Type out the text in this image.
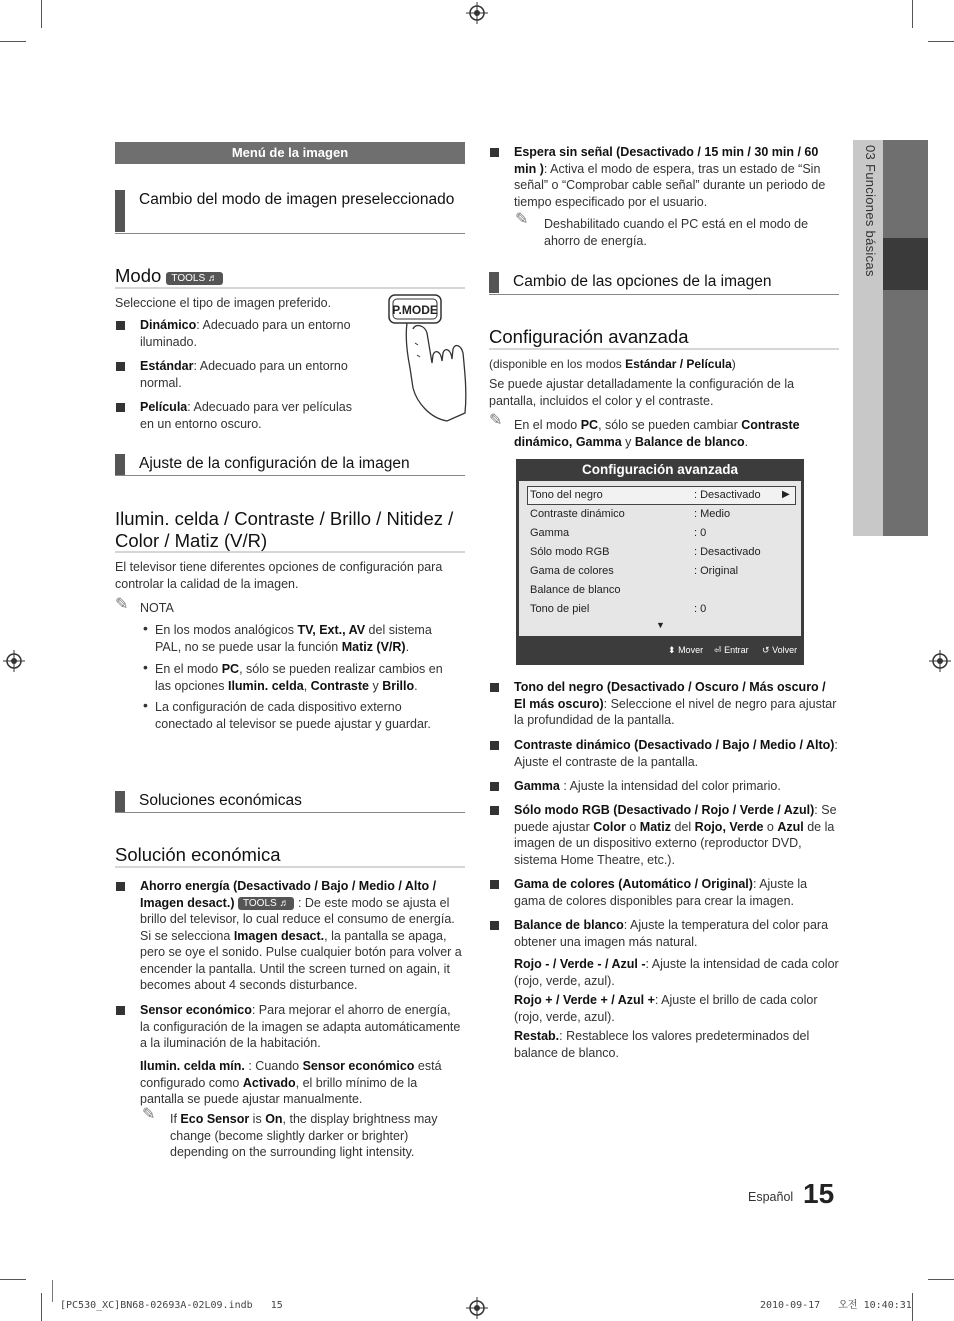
03 Funciones básicas
Menú de la imagen
Cambio del modo de imagen preseleccionado
Modo TOOLS ♬
Seleccione el tipo de imagen preferido.
Dinámico: Adecuado para un entorno iluminado.
Estándar: Adecuado para un entorno normal.
Película: Adecuado para ver películas en un entorno oscuro.
P.MODE
Ajuste de la configuración de la imagen
Ilumin. celda / Contraste / Brillo / Nitidez / Color / Matiz (V/R)
El televisor tiene diferentes opciones de configuración para controlar la calidad de la imagen.
✎ NOTA
• En los modos analógicos TV, Ext., AV del sistema PAL, no se puede usar la función Matiz (V/R).
• En el modo PC, sólo se pueden realizar cambios en las opciones Ilumin. celda, Contraste y Brillo.
• La configuración de cada dispositivo externo conectado al televisor se puede ajustar y guardar.
Soluciones económicas
Solución económica
Ahorro energía (Desactivado / Bajo / Medio / Alto / Imagen desact.) TOOLS ♬ : De este modo se ajusta el brillo del televisor, lo cual reduce el consumo de energía. Si se selecciona Imagen desact., la pantalla se apaga, pero se oye el sonido. Pulse cualquier botón para volver a encender la pantalla. Until the screen turned on again, it becomes about 4 seconds disturbance.
Sensor económico: Para mejorar el ahorro de energía, la configuración de la imagen se adapta automáticamente a la iluminación de la habitación.
Ilumin. celda mín. : Cuando Sensor económico está configurado como Activado, el brillo mínimo de la pantalla se puede ajustar manualmente.
✎ If Eco Sensor is On, the display brightness may change (become slightly darker or brighter) depending on the surrounding light intensity.
Espera sin señal (Desactivado / 15 min / 30 min / 60 min ): Activa el modo de espera, tras un estado de “Sin señal” o “Comprobar cable señal” durante un periodo de tiempo especificado por el usuario.
✎ Deshabilitado cuando el PC está en el modo de ahorro de energía.
Cambio de las opciones de la imagen
Configuración avanzada
(disponible en los modos Estándar / Película)
Se puede ajustar detalladamente la configuración de la pantalla, incluidos el color y el contraste.
✎ En el modo PC, sólo se pueden cambiar Contraste dinámico, Gamma y Balance de blanco.
Configuración avanzada
Tono del negro	: Desactivado ▶
Contraste dinámico	: Medio
Gamma	: 0
Sólo modo RGB	: Desactivado
Gama de colores	: Original
Balance de blanco
Tono de piel	: 0
▼
⬍ Mover ⏎ Entrar ↺ Volver
Tono del negro (Desactivado / Oscuro / Más oscuro / El más oscuro): Seleccione el nivel de negro para ajustar la profundidad de la pantalla.
Contraste dinámico (Desactivado / Bajo / Medio / Alto): Ajuste el contraste de la pantalla.
Gamma : Ajuste la intensidad del color primario.
Sólo modo RGB (Desactivado / Rojo / Verde / Azul): Se puede ajustar Color o Matiz del Rojo, Verde o Azul de la imagen de un dispositivo externo (reproductor DVD, sistema Home Theatre, etc.).
Gama de colores (Automático / Original): Ajuste la gama de colores disponibles para crear la imagen.
Balance de blanco: Ajuste la temperatura del color para obtener una imagen más natural.
Rojo - / Verde - / Azul -: Ajuste la intensidad de cada color (rojo, verde, azul).
Rojo + / Verde + / Azul +: Ajuste el brillo de cada color (rojo, verde, azul).
Restab.: Restablece los valores predeterminados del balance de blanco.
Español 15
[PC530_XC]BN68-02693A-02L09.indb   15	2010-09-17   오전 10:40:31
